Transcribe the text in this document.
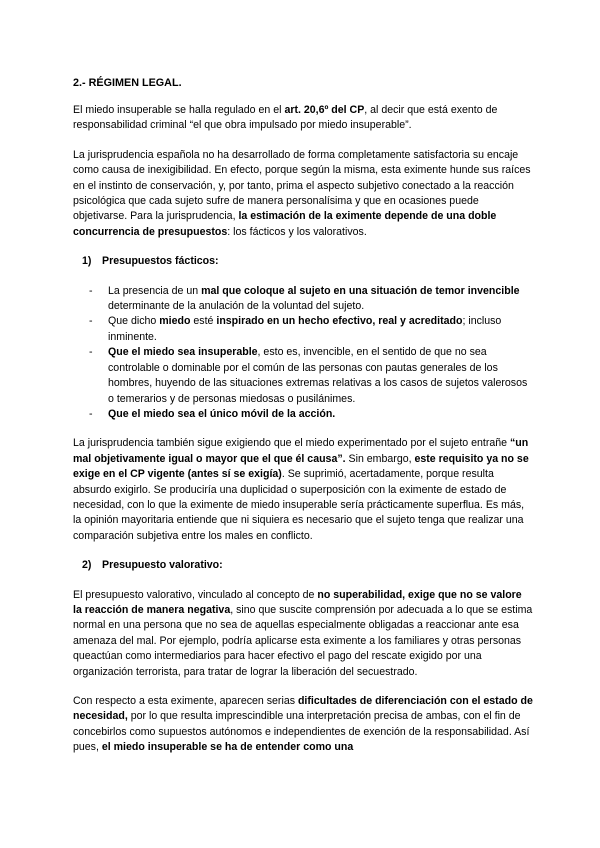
2.- RÉGIMEN LEGAL.

El miedo insuperable se halla regulado en el art. 20,6º del CP, al decir que está exento de responsabilidad criminal “el que obra impulsado por miedo insuperable”.

La jurisprudencia española no ha desarrollado de forma completamente satisfactoria su encaje como causa de inexigibilidad. En efecto, porque según la misma, esta eximente hunde sus raíces en el instinto de conservación, y, por tanto, prima el aspecto subjetivo conectado a la reacción psicológica que cada sujeto sufre de manera personalísima y que en ocasiones puede objetivarse. Para la jurisprudencia, la estimación de la eximente depende de una doble concurrencia de presupuestos: los fácticos y los valorativos.

1) Presupuestos fácticos:
- La presencia de un mal que coloque al sujeto en una situación de temor invencible determinante de la anulación de la voluntad del sujeto.
- Que dicho miedo esté inspirado en un hecho efectivo, real y acreditado; incluso inminente.
- Que el miedo sea insuperable, esto es, invencible, en el sentido de que no sea controlable o dominable por el común de las personas con pautas generales de los hombres, huyendo de las situaciones extremas relativas a los casos de sujetos valerosos o temerarios y de personas miedosas o pusilánimes.
- Que el miedo sea el único móvil de la acción.

La jurisprudencia también sigue exigiendo que el miedo experimentado por el sujeto entrañe “un mal objetivamente igual o mayor que el que él causa”. Sin embargo, este requisito ya no se exige en el CP vigente (antes sí se exigía). Se suprimió, acertadamente, porque resulta absurdo exigirlo. Se produciría una duplicidad o superposición con la eximente de estado de necesidad, con lo que la eximente de miedo insuperable sería prácticamente superflua. Es más, la opinión mayoritaria entiende que ni siquiera es necesario que el sujeto tenga que realizar una comparación subjetiva entre los males en conflicto.

2) Presupuesto valorativo:

El presupuesto valorativo, vinculado al concepto de no superabilidad, exige que no se valore la reacción de manera negativa, sino que suscite comprensión por adecuada a lo que se estima normal en una persona que no sea de aquellas especialmente obligadas a reaccionar ante esa amenaza del mal. Por ejemplo, podría aplicarse esta eximente a los familiares y otras personas queactúan como intermediarios para hacer efectivo el pago del rescate exigido por una organización terrorista, para tratar de lograr la liberación del secuestrado.

Con respecto a esta eximente, aparecen serias dificultades de diferenciación con el estado de necesidad, por lo que resulta imprescindible una interpretación precisa de ambas, con el fin de concebirlos como supuestos autónomos e independientes de exención de la responsabilidad. Así pues, el miedo insuperable se ha de entender como una
